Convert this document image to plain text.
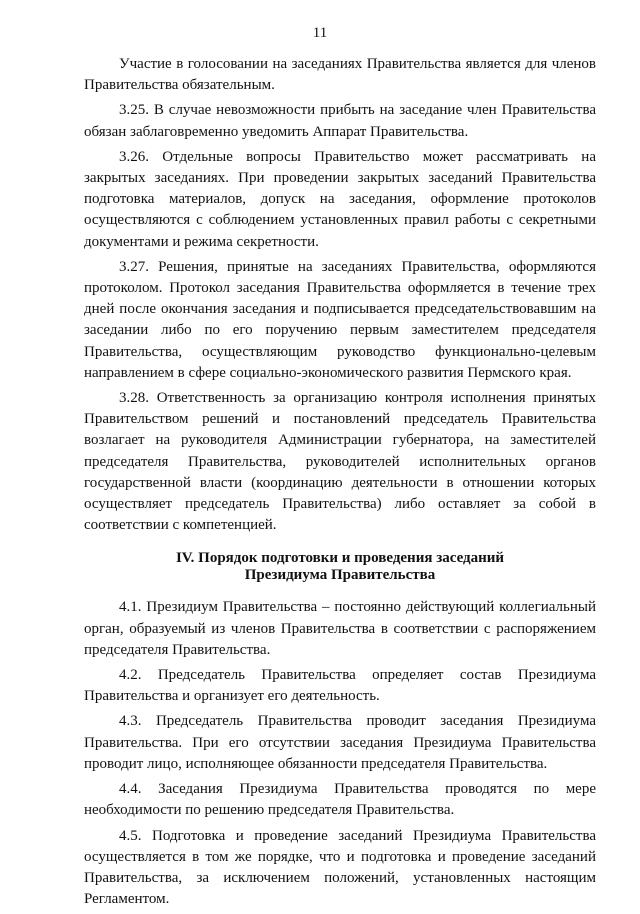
11

Участие в голосовании на заседаниях Правительства является для членов Правительства обязательным.

3.25. В случае невозможности прибыть на заседание член Правительства обязан заблаговременно уведомить Аппарат Правительства.

3.26. Отдельные вопросы Правительство может рассматривать на закрытых заседаниях. При проведении закрытых заседаний Правительства подготовка материалов, допуск на заседания, оформление протоколов осуществляются с соблюдением установленных правил работы с секретными документами и режима секретности.

3.27. Решения, принятые на заседаниях Правительства, оформляются протоколом. Протокол заседания Правительства оформляется в течение трех дней после окончания заседания и подписывается председательствовавшим на заседании либо по его поручению первым заместителем председателя Правительства, осуществляющим руководство функционально-целевым направлением в сфере социально-экономического развития Пермского края.

3.28. Ответственность за организацию контроля исполнения принятых Правительством решений и постановлений председатель Правительства возлагает на руководителя Администрации губернатора, на заместителей председателя Правительства, руководителей исполнительных органов государственной власти (координацию деятельности в отношении которых осуществляет председатель Правительства) либо оставляет за собой в соответствии с компетенцией.

IV. Порядок подготовки и проведения заседаний
Президиума Правительства

4.1. Президиум Правительства – постоянно действующий коллегиальный орган, образуемый из членов Правительства в соответствии с распоряжением председателя Правительства.

4.2. Председатель Правительства определяет состав Президиума Правительства и организует его деятельность.

4.3. Председатель Правительства проводит заседания Президиума Правительства. При его отсутствии заседания Президиума Правительства проводит лицо, исполняющее обязанности председателя Правительства.

4.4. Заседания Президиума Правительства проводятся по мере необходимости по решению председателя Правительства.

4.5. Подготовка и проведение заседаний Президиума Правительства осуществляется в том же порядке, что и подготовка и проведение заседаний Правительства, за исключением положений, установленных настоящим Регламентом.
